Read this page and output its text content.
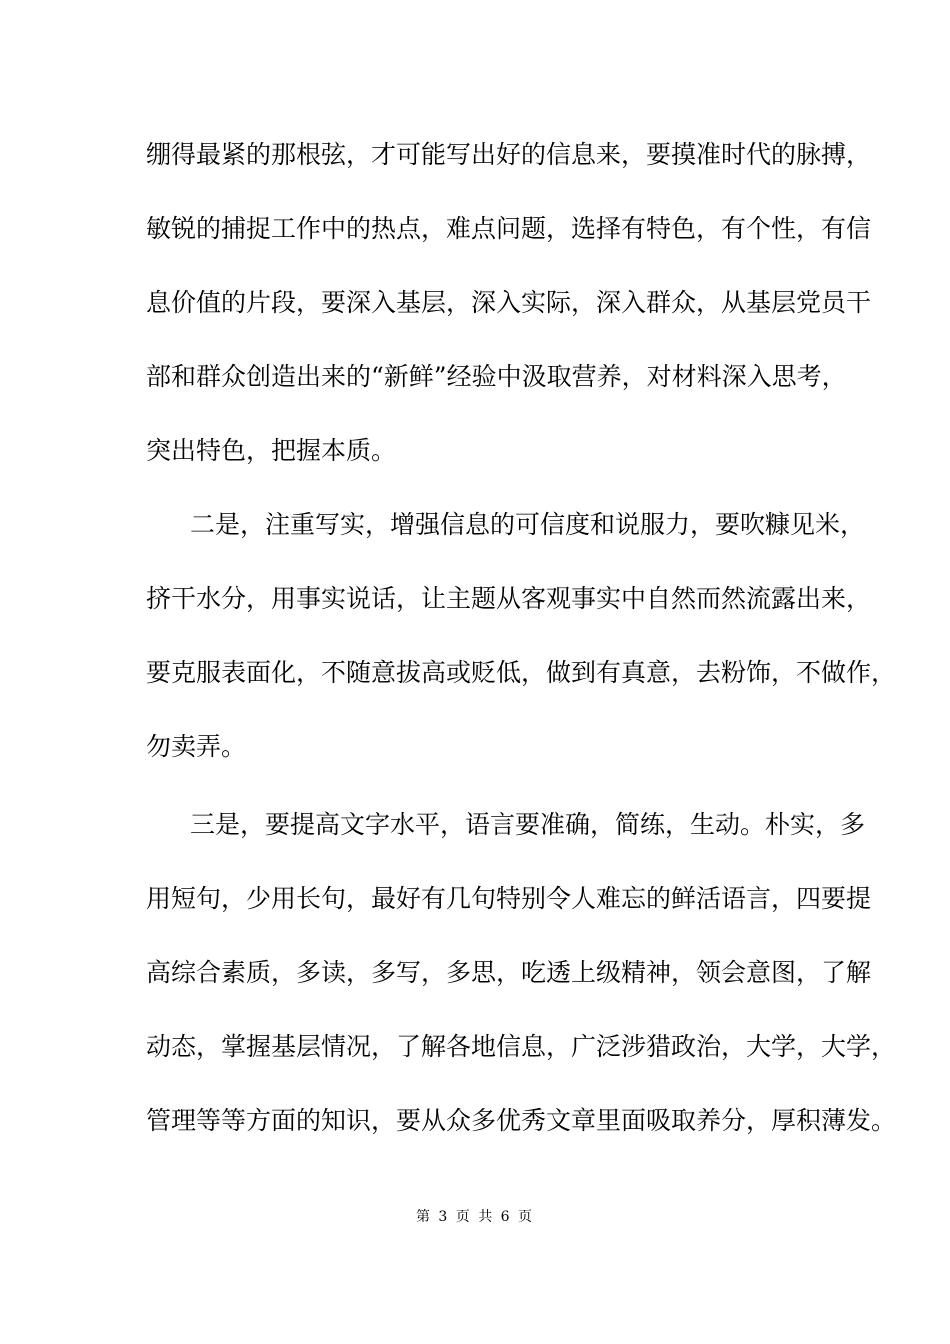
绷得最紧的那根弦，才可能写出好的信息来，要摸准时代的脉搏，
敏锐的捕捉工作中的热点，难点问题，选择有特色，有个性，有信
息价值的片段，要深入基层，深入实际，深入群众，从基层党员干
部和群众创造出来的“新鲜”经验中汲取营养，对材料深入思考，
突出特色，把握本质。
二是，注重写实，增强信息的可信度和说服力，要吹糠见米，
挤干水分，用事实说话，让主题从客观事实中自然而然流露出来，
要克服表面化，不随意拔高或贬低，做到有真意，去粉饰，不做作，
勿卖弄。
三是，要提高文字水平，语言要准确，简练，生动。朴实，多
用短句，少用长句，最好有几句特别令人难忘的鲜活语言，四要提
高综合素质，多读，多写，多思，吃透上级精神，领会意图，了解
动态，掌握基层情况，了解各地信息，广泛涉猎政治，大学，大学，
管理等等方面的知识，要从众多优秀文章里面吸取养分，厚积薄发。
第 3 页 共 6 页
